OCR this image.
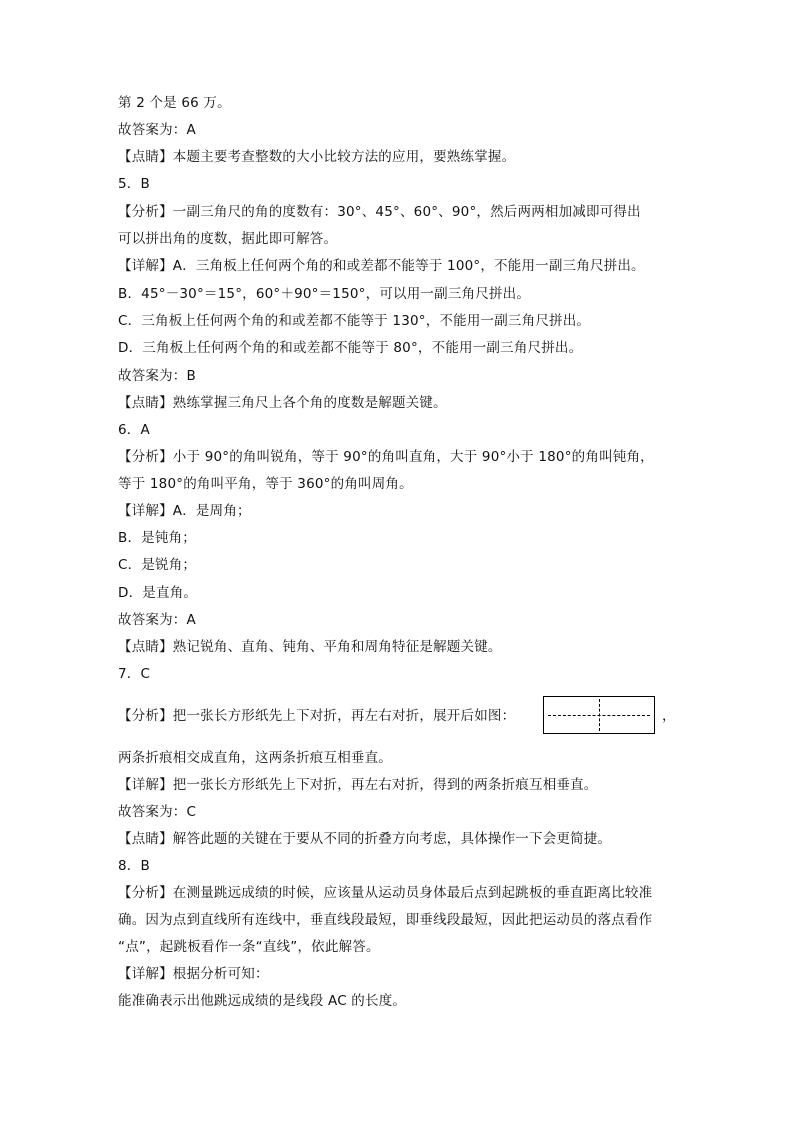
第 2 个是 66 万。
故答案为：A
【点睛】本题主要考查整数的大小比较方法的应用，要熟练掌握。
5．B
【分析】一副三角尺的角的度数有：30°、45°、60°、90°，然后两两相加减即可得出
可以拼出角的度数，据此即可解答。
【详解】A．三角板上任何两个角的和或差都不能等于 100°，不能用一副三角尺拼出。
B．45°－30°＝15°，60°＋90°＝150°，可以用一副三角尺拼出。
C．三角板上任何两个角的和或差都不能等于 130°，不能用一副三角尺拼出。
D．三角板上任何两个角的和或差都不能等于 80°，不能用一副三角尺拼出。
故答案为：B
【点睛】熟练掌握三角尺上各个角的度数是解题关键。
6．A
【分析】小于 90°的角叫锐角，等于 90°的角叫直角，大于 90°小于 180°的角叫钝角，
等于 180°的角叫平角，等于 360°的角叫周角。
【详解】A．是周角；
B．是钝角；
C．是锐角；
D．是直角。
故答案为：A
【点睛】熟记锐角、直角、钝角、平角和周角特征是解题关键。
7．C
【分析】把一张长方形纸先上下对折，再左右对折，展开后如图：	，
两条折痕相交成直角，这两条折痕互相垂直。
【详解】把一张长方形纸先上下对折，再左右对折，得到的两条折痕互相垂直。
故答案为：C
【点睛】解答此题的关键在于要从不同的折叠方向考虑，具体操作一下会更简捷。
8．B
【分析】在测量跳远成绩的时候，应该量从运动员身体最后点到起跳板的垂直距离比较准
确。因为点到直线所有连线中，垂直线段最短，即垂线段最短，因此把运动员的落点看作
“点”，起跳板看作一条“直线”，依此解答。
【详解】根据分析可知：
能准确表示出他跳远成绩的是线段 AC 的长度。
